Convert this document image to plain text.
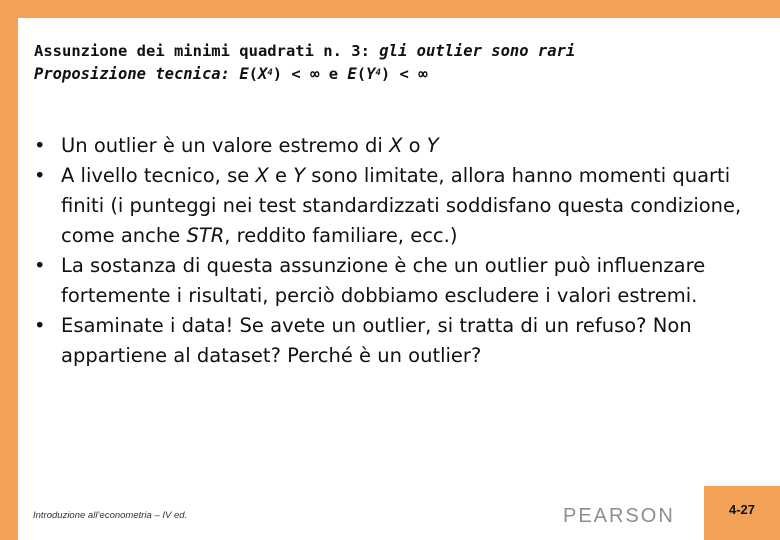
Assunzione dei minimi quadrati n. 3: gli outlier sono rari
Proposizione tecnica: $E(X^4)$ < ∞ e $E(Y^4)$ < ∞
• Un outlier è un valore estremo di X o Y
• A livello tecnico, se X e Y sono limitate, allora hanno momenti quarti finiti (i punteggi nei test standardizzati soddisfano questa condizione, come anche STR, reddito familiare, ecc.)
• La sostanza di questa assunzione è che un outlier può influenzare fortemente i risultati, perciò dobbiamo escludere i valori estremi.
• Esaminate i data! Se avete un outlier, si tratta di un refuso? Non appartiene al dataset? Perché è un outlier?
Introduzione all’econometria – IV ed.	PEARSON	4-27
